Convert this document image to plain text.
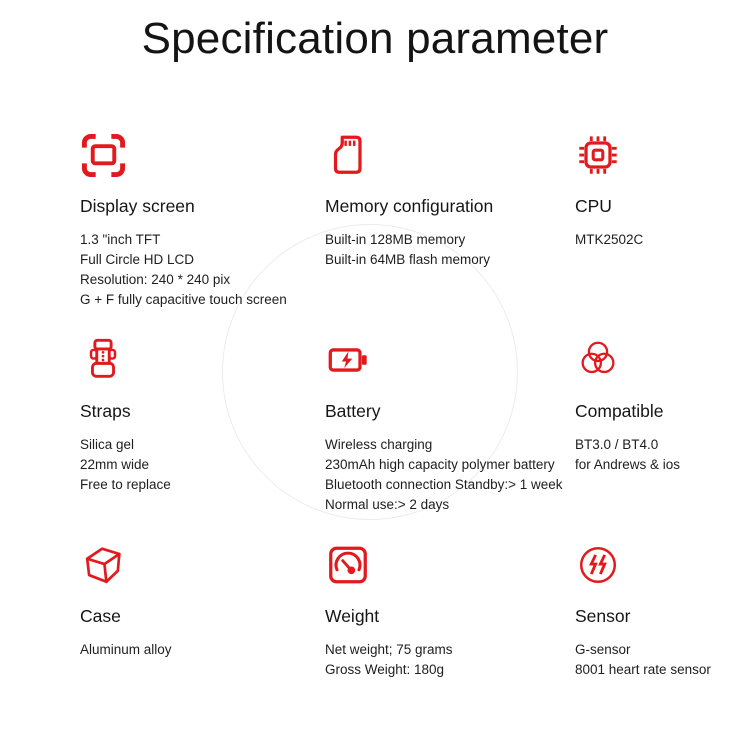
Specification parameter
Display screen
1.3 "inch TFT
Full Circle HD LCD
Resolution: 240 * 240 pix
G + F fully capacitive touch screen
Memory configuration
Built-in 128MB memory
Built-in 64MB flash memory
CPU
MTK2502C
Straps
Silica gel
22mm wide
Free to replace
Battery
Wireless charging
230mAh high capacity polymer battery
Bluetooth connection Standby:> 1 week
Normal use:> 2 days
Compatible
BT3.0 / BT4.0
for Andrews & ios
Case
Aluminum alloy
Weight
Net weight; 75 grams
Gross Weight: 180g
Sensor
G-sensor
8001 heart rate sensor
